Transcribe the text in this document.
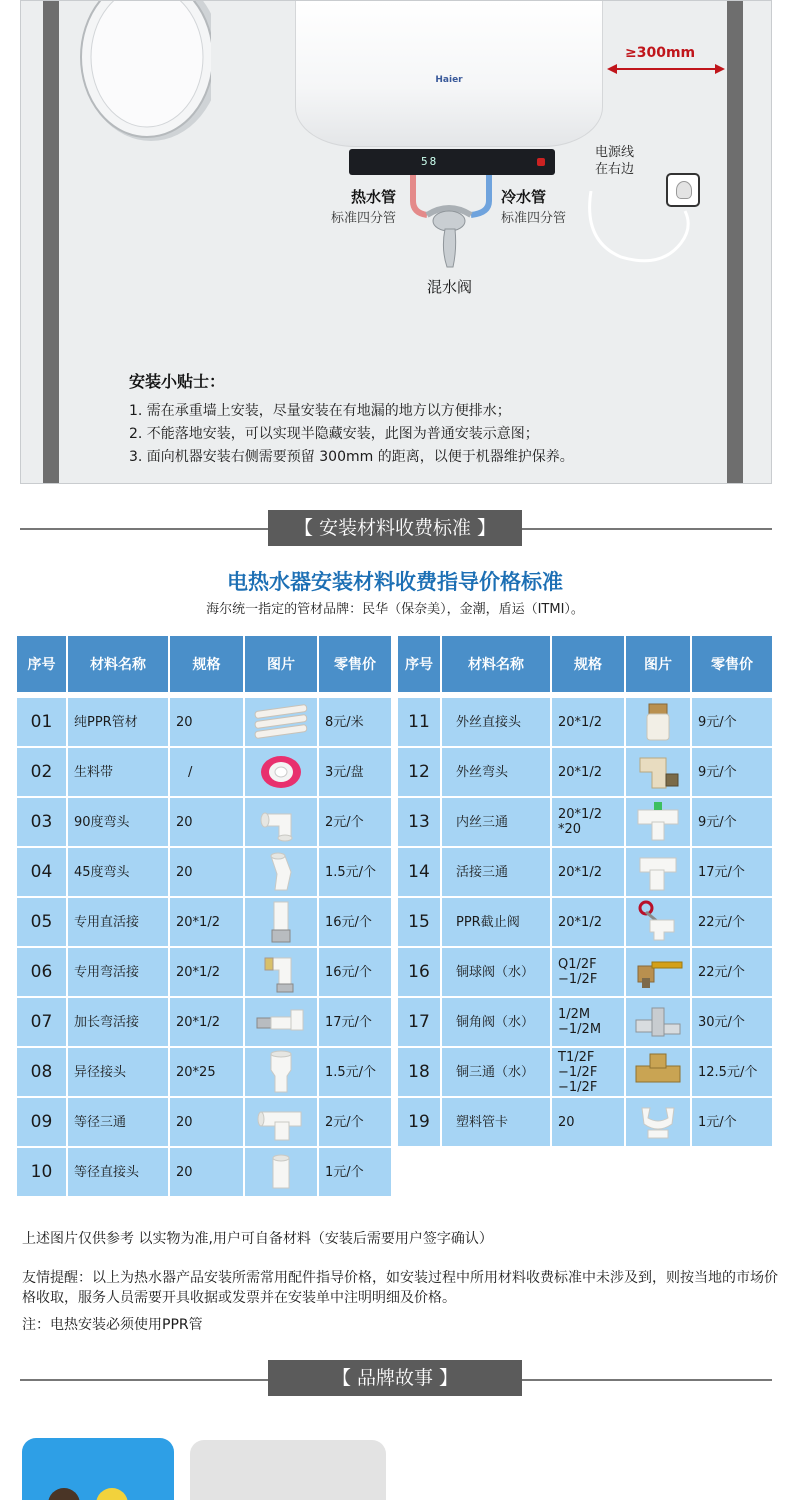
Haier
58
热水管
标准四分管
冷水管
标准四分管
混水阀
≥300mm
电源线
在右边
安装小贴士：
1. 需在承重墙上安装，尽量安装在有地漏的地方以方便排水；
2. 不能落地安装，可以实现半隐藏安装，此图为普通安装示意图；
3. 面向机器安装右侧需要预留 300mm 的距离，以便于机器维护保养。
【 安装材料收费标准 】
电热水器安装材料收费指导价格标准
海尔统一指定的管材品牌：民华（保奈美），金潮，盾运（ITMI）。
序号	材料名称	规格	图片	零售价

01	纯PPR管材	20		8元/米
02	生料带	/		3元/盘
03	90度弯头	20		2元/个
04	45度弯头	20		1.5元/个
05	专用直活接	20*1/2		16元/个
06	专用弯活接	20*1/2		16元/个
07	加长弯活接	20*1/2		17元/个
08	异径接头	20*25		1.5元/个
09	等径三通	20		2元/个
10	等径直接头	20		1元/个
序号	材料名称	规格	图片	零售价

11	外丝直接头	20*1/2		9元/个
12	外丝弯头	20*1/2		9元/个
13	内丝三通	20*1/2 *20		9元/个
14	活接三通	20*1/2		17元/个
15	PPR截止阀	20*1/2		22元/个
16	铜球阀（水）	Q1/2F −1/2F		22元/个
17	铜角阀（水）	1/2M −1/2M		30元/个
18	铜三通（水）	T1/2F −1/2F −1/2F		12.5元/个
19	塑料管卡	20		1元/个
上述图片仅供参考 以实物为准,用户可自备材料（安装后需要用户签字确认）
友情提醒：以上为热水器产品安装所需常用配件指导价格，如安装过程中所用材料收费标准中未涉及到，则按当地的市场价格收取，服务人员需要开具收据或发票并在安装单中注明明细及价格。
注：电热安装必须使用PPR管
【 品牌故事 】
